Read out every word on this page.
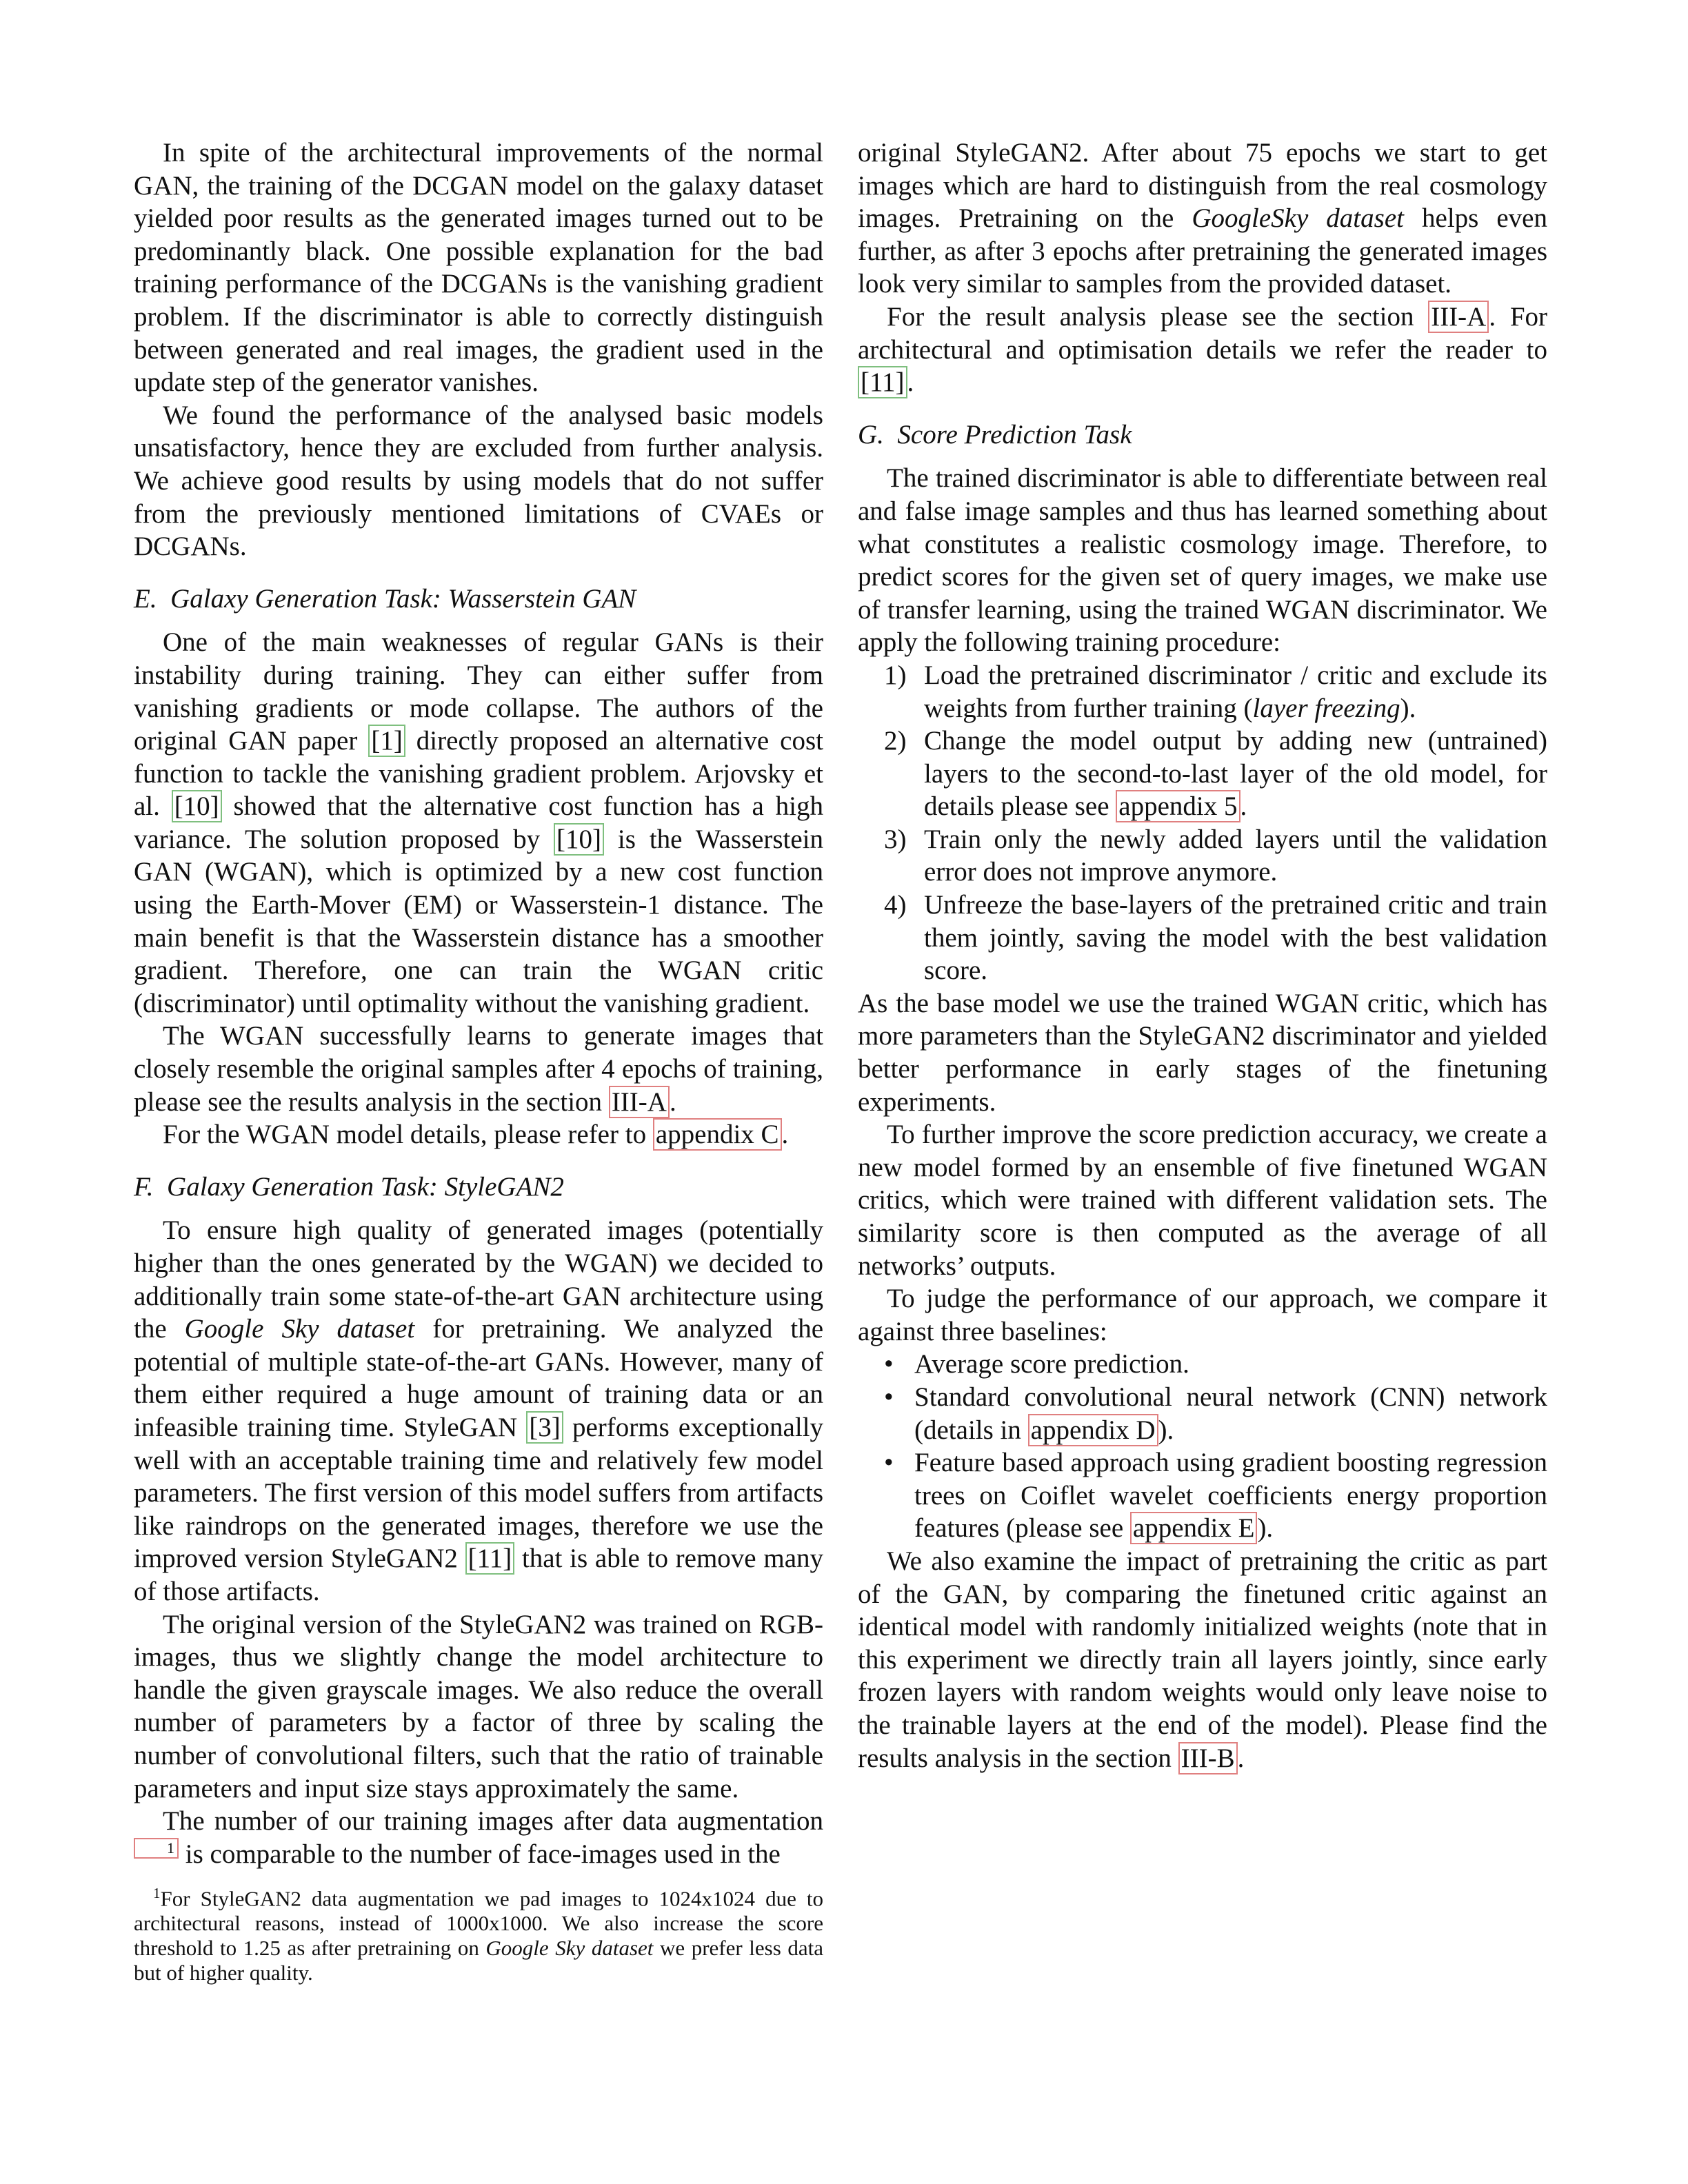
In spite of the architectural improvements of the normal GAN, the training of the DCGAN model on the galaxy dataset yielded poor results as the generated images turned out to be predominantly black. One possible explanation for the bad training performance of the DCGANs is the vanishing gradient problem. If the discriminator is able to correctly distinguish between generated and real images, the gradient used in the update step of the generator vanishes.

We found the performance of the analysed basic models unsatisfactory, hence they are excluded from further analysis. We achieve good results by using models that do not suffer from the previously mentioned limitations of CVAEs or DCGANs.

E. Galaxy Generation Task: Wasserstein GAN

One of the main weaknesses of regular GANs is their instability during training. They can either suffer from vanishing gradients or mode collapse. The authors of the original GAN paper [1] directly proposed an alternative cost function to tackle the vanishing gradient problem. Arjovsky et al. [10] showed that the alternative cost function has a high variance. The solution proposed by [10] is the Wasserstein GAN (WGAN), which is optimized by a new cost function using the Earth-Mover (EM) or Wasserstein-1 distance. The main benefit is that the Wasserstein distance has a smoother gradient. Therefore, one can train the WGAN critic (discriminator) until optimality without the vanishing gradient.

The WGAN successfully learns to generate images that closely resemble the original samples after 4 epochs of training, please see the results analysis in the section III-A .

For the WGAN model details, please refer to appendix C .

F. Galaxy Generation Task: StyleGAN2

To ensure high quality of generated images (potentially higher than the ones generated by the WGAN) we decided to additionally train some state-of-the-art GAN architecture using the Google Sky dataset for pretraining. We analyzed the potential of multiple state-of-the-art GANs. However, many of them either required a huge amount of training data or an infeasible training time. StyleGAN [3] performs exceptionally well with an acceptable training time and relatively few model parameters. The first version of this model suffers from artifacts like raindrops on the generated images, therefore we use the improved version StyleGAN2 [11] that is able to remove many of those artifacts.

The original version of the StyleGAN2 was trained on RGB-images, thus we slightly change the model architecture to handle the given grayscale images. We also reduce the overall number of parameters by a factor of three by scaling the number of convolutional filters, such that the ratio of trainable parameters and input size stays approximately the same.

The number of our training images after data augmentation 1 is comparable to the number of face-images used in the

$^1$For StyleGAN2 data augmentation we pad images to 1024x1024 due to architectural reasons, instead of 1000x1000. We also increase the score threshold to 1.25 as after pretraining on Google Sky dataset we prefer less data but of higher quality.

original StyleGAN2. After about 75 epochs we start to get images which are hard to distinguish from the real cosmology images. Pretraining on the GoogleSky dataset helps even further, as after 3 epochs after pretraining the generated images look very similar to samples from the provided dataset.

For the result analysis please see the section III-A . For architectural and optimisation details we refer the reader to [11] .

G. Score Prediction Task

The trained discriminator is able to differentiate between real and false image samples and thus has learned something about what constitutes a realistic cosmology image. Therefore, to predict scores for the given set of query images, we make use of transfer learning, using the trained WGAN discriminator. We apply the following training procedure:

1) Load the pretrained discriminator / critic and exclude its weights from further training (layer freezing).
2) Change the model output by adding new (untrained) layers to the second-to-last layer of the old model, for details please see appendix 5 .
3) Train only the newly added layers until the validation error does not improve anymore.
4) Unfreeze the base-layers of the pretrained critic and train them jointly, saving the model with the best validation score.

As the base model we use the trained WGAN critic, which has more parameters than the StyleGAN2 discriminator and yielded better performance in early stages of the finetuning experiments.

To further improve the score prediction accuracy, we create a new model formed by an ensemble of five finetuned WGAN critics, which were trained with different validation sets. The similarity score is then computed as the average of all networks’ outputs.

To judge the performance of our approach, we compare it against three baselines:

• Average score prediction.
• Standard convolutional neural network (CNN) network (details in appendix D ).
• Feature based approach using gradient boosting regression trees on Coiflet wavelet coefficients energy proportion features (please see appendix E ).

We also examine the impact of pretraining the critic as part of the GAN, by comparing the finetuned critic against an identical model with randomly initialized weights (note that in this experiment we directly train all layers jointly, since early frozen layers with random weights would only leave noise to the trainable layers at the end of the model). Please find the results analysis in the section III-B .
